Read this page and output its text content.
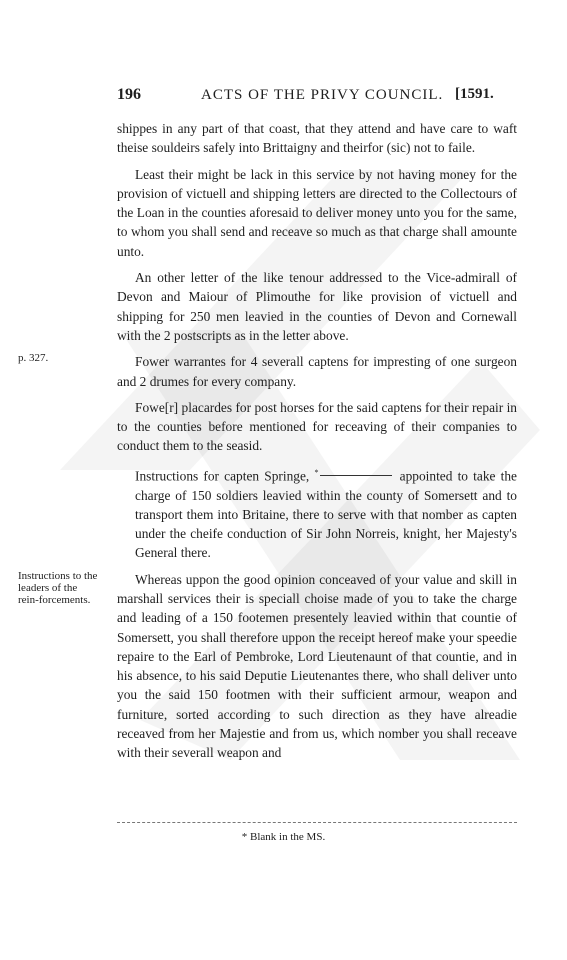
196	ACTS OF THE PRIVY COUNCIL. [1591.

shippes in any part of that coast, that they attend and have care to waft theise souldeirs safely into Brittaigny and theirfor (sic) not to faile.

Least their might be lack in this service by not having money for the provision of victuell and shipping letters are directed to the Collectours of the Loan in the counties aforesaid to deliver money unto you for the same, to whom you shall send and receave so much as that charge shall amounte unto.

An other letter of the like tenour addressed to the Vice-admirall of Devon and Maiour of Plimouthe for like provision of victuell and shipping for 250 men leavied in the counties of Devon and Cornewall with the 2 postscripts as in the letter above.

p. 327.	Fower warrantes for 4 severall captens for impresting of one surgeon and 2 drumes for every company.

Fowe[r] placardes for post horses for the said captens for their repair in to the counties before mentioned for receaving of their companies to conduct them to the seasid.

Instructions for capten Springe, *	appointed to take the charge of 150 soldiers leavied within the county of Somersett and to transport them into Britaine, there to serve with that nomber as capten under the cheife conduction of Sir John Norreis, knight, her Majesty's General there.

Instructions to the leaders of the rein-forcements.

Whereas uppon the good opinion conceaved of your value and skill in marshall services their is speciall choise made of you to take the charge and leading of a 150 footemen presentely leavied within that countie of Somersett, you shall therefore uppon the receipt hereof make your speedie repaire to the Earl of Pembroke, Lord Lieutenaunt of that countie, and in his absence, to his said Deputie Lieutenantes there, who shall deliver unto you the said 150 footmen with their sufficient armour, weapon and furniture, sorted according to such direction as they have alreadie receaved from her Majestie and from us, which nomber you shall receave with their severall weapon and

* Blank in the MS.
